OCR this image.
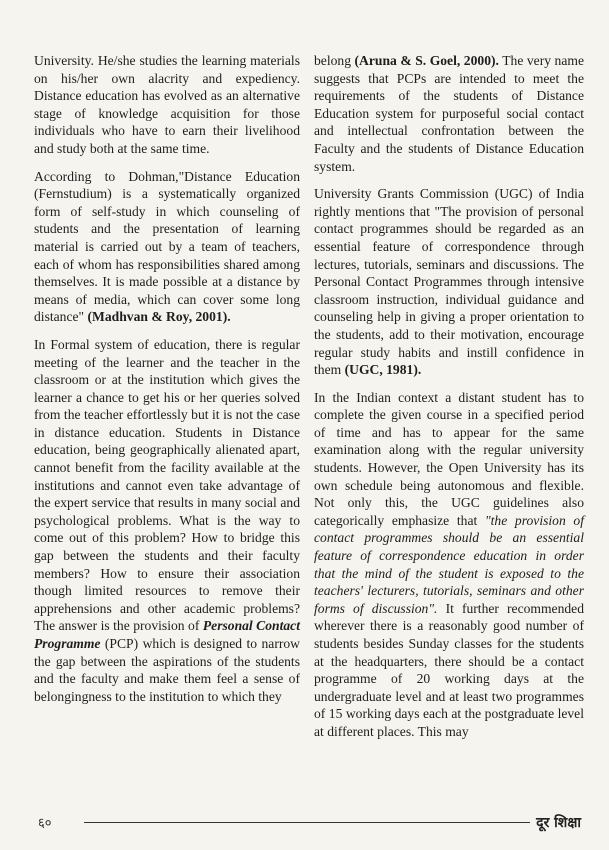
University. He/she studies the learning materials on his/her own alacrity and expediency. Distance education has evolved as an alternative stage of knowledge acquisition for those individuals who have to earn their livelihood and study both at the same time.

According to Dohman,"Distance Education (Fernstudium) is a systematically organized form of self-study in which counseling of students and the presentation of learning material is carried out by a team of teachers, each of whom has responsibilities shared among themselves. It is made possible at a distance by means of media, which can cover some long distance" (Madhvan & Roy, 2001).

In Formal system of education, there is regular meeting of the learner and the teacher in the classroom or at the institution which gives the learner a chance to get his or her queries solved from the teacher effortlessly but it is not the case in distance education. Students in Distance education, being geographically alienated apart, cannot benefit from the facility available at the institutions and cannot even take advantage of the expert service that results in many social and psychological problems. What is the way to come out of this problem? How to bridge this gap between the students and their faculty members? How to ensure their association though limited resources to remove their apprehensions and other academic problems? The answer is the provision of Personal Contact Programme (PCP) which is designed to narrow the gap between the aspirations of the students and the faculty and make them feel a sense of belongingness to the institution to which they

belong (Aruna & S. Goel, 2000). The very name suggests that PCPs are intended to meet the requirements of the students of Distance Education system for purposeful social contact and intellectual confrontation between the Faculty and the students of Distance Education system.

University Grants Commission (UGC) of India rightly mentions that "The provision of personal contact programmes should be regarded as an essential feature of correspondence through lectures, tutorials, seminars and discussions. The Personal Contact Programmes through intensive classroom instruction, individual guidance and counseling help in giving a proper orientation to the students, add to their motivation, encourage regular study habits and instill confidence in them (UGC, 1981).

In the Indian context a distant student has to complete the given course in a specified period of time and has to appear for the same examination along with the regular university students. However, the Open University has its own schedule being autonomous and flexible. Not only this, the UGC guidelines also categorically emphasize that "the provision of contact programmes should be an essential feature of correspondence education in order that the mind of the student is exposed to the teachers' lecturers, tutorials, seminars and other forms of discussion". It further recommended wherever there is a reasonably good number of students besides Sunday classes for the students at the headquarters, there should be a contact programme of 20 working days at the undergraduate level and at least two programmes of 15 working days each at the postgraduate level at different places. This may

६०	दूर शिक्षा
